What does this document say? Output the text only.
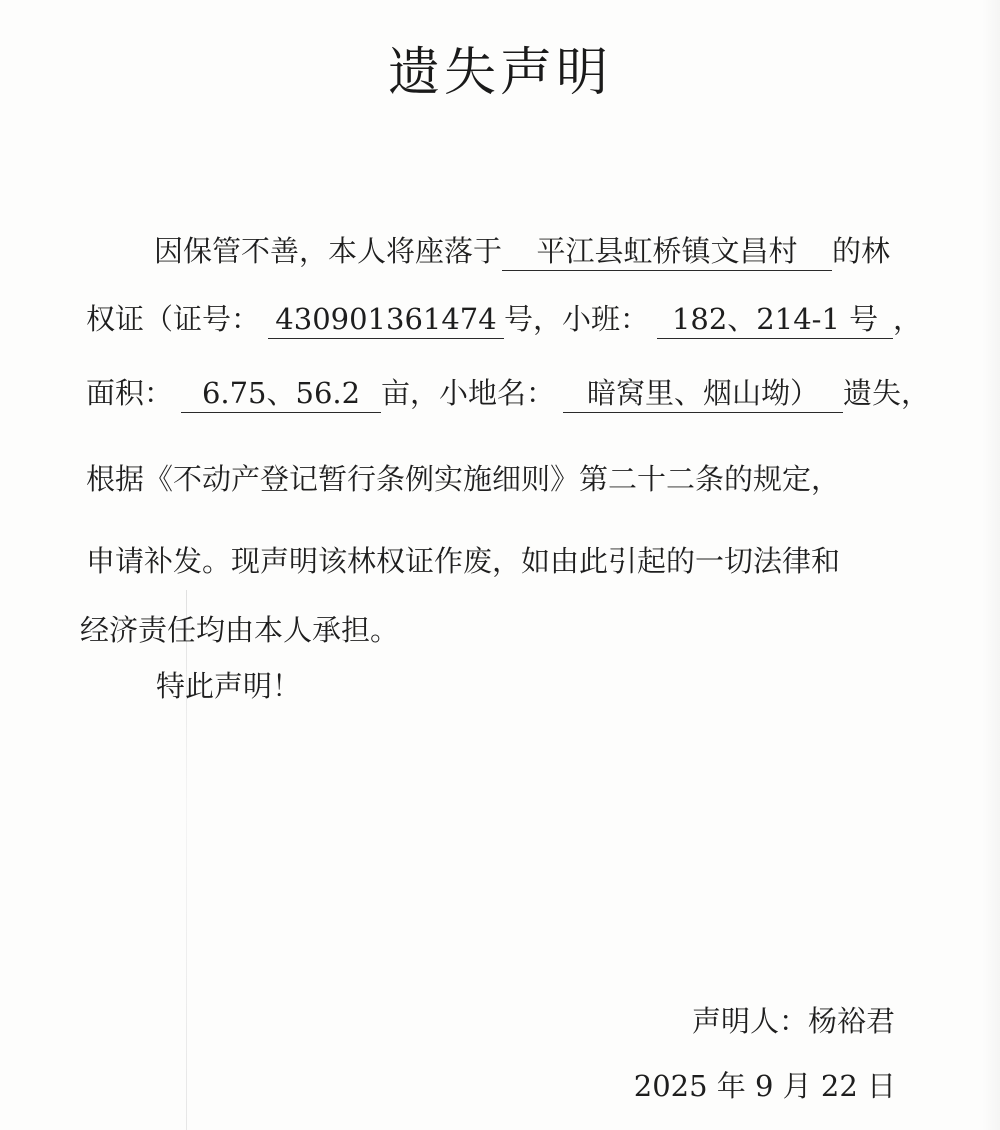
遗失声明
因保管不善，本人将座落于 平江县虹桥镇文昌村 的林
权证（证号： 430901361474 号，小班： 182、214-1 号 ，
面积： 6.75、56.2 亩，小地名： 暗窝里、烟山坳） 遗失，
根据《不动产登记暂行条例实施细则》第二十二条的规定，
申请补发。现声明该林权证作废，如由此引起的一切法律和
经济责任均由本人承担。
特此声明！
声明人：杨裕君
2025 年 9 月 22 日
